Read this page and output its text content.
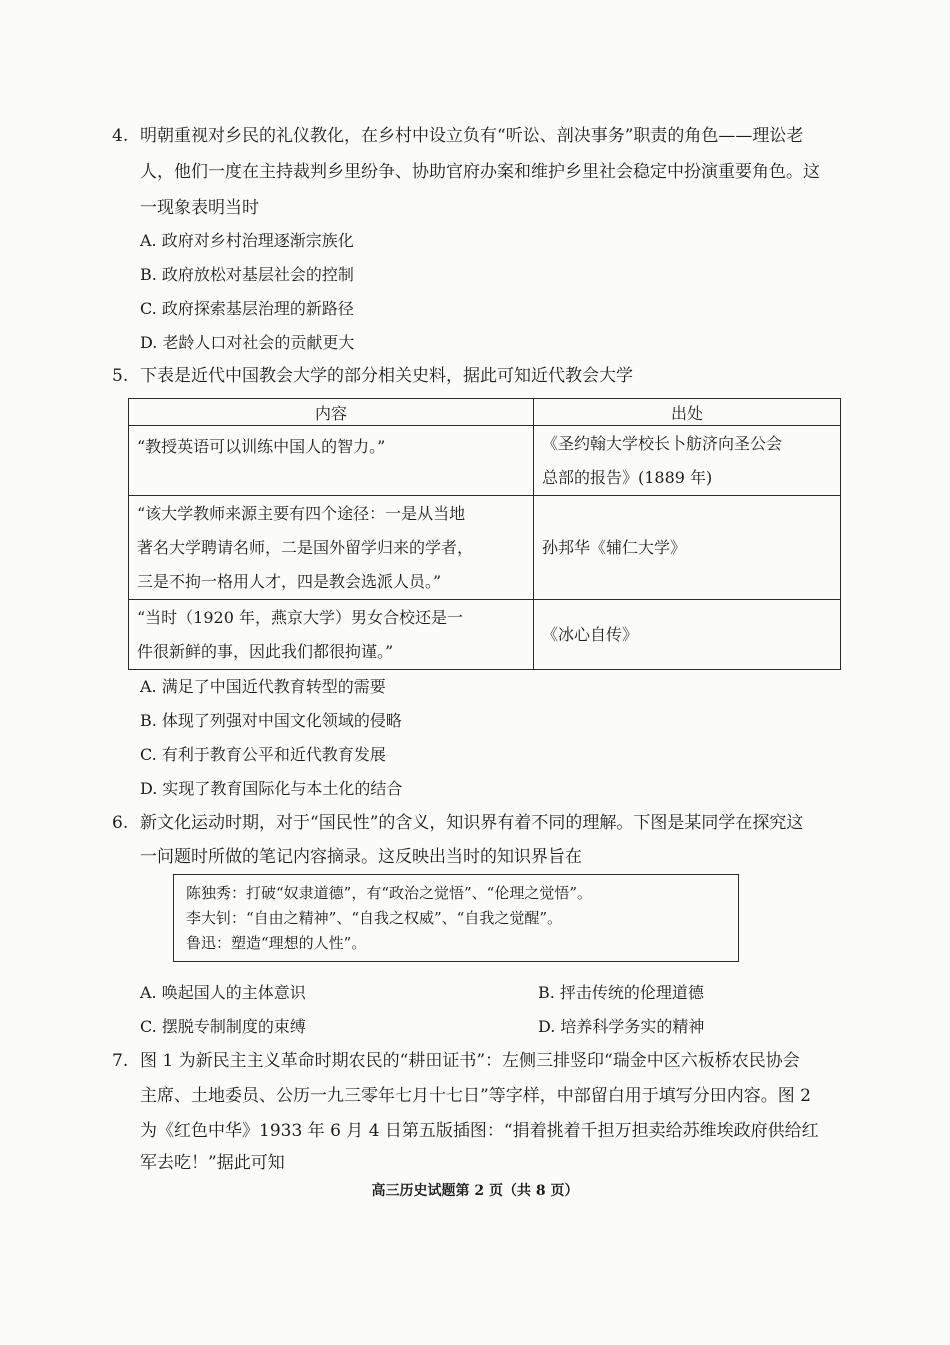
4. 明朝重视对乡民的礼仪教化，在乡村中设立负有“听讼、剖决事务”职责的角色——理讼老
人，他们一度在主持裁判乡里纷争、协助官府办案和维护乡里社会稳定中扮演重要角色。这
一现象表明当时
A. 政府对乡村治理逐渐宗族化
B. 政府放松对基层社会的控制
C. 政府探索基层治理的新路径
D. 老龄人口对社会的贡献更大
5. 下表是近代中国教会大学的部分相关史料，据此可知近代教会大学
内容	出处

“教授英语可以训练中国人的智力。”	《圣约翰大学校长卜舫济向圣公会
总部的报告》(1889 年)

“该大学教师来源主要有四个途径：一是从当地
著名大学聘请名师，二是国外留学归来的学者，
三是不拘一格用人才，四是教会选派人员。”	孙邦华《辅仁大学》

“当时（1920 年，燕京大学）男女合校还是一
件很新鲜的事，因此我们都很拘谨。”	《冰心自传》
A. 满足了中国近代教育转型的需要
B. 体现了列强对中国文化领域的侵略
C. 有利于教育公平和近代教育发展
D. 实现了教育国际化与本土化的结合
6. 新文化运动时期，对于“国民性”的含义，知识界有着不同的理解。下图是某同学在探究这
一问题时所做的笔记内容摘录。这反映出当时的知识界旨在
陈独秀：打破“奴隶道德”，有“政治之觉悟”、“伦理之觉悟”。
李大钊：“自由之精神”、“自我之权威”、“自我之觉醒”。
鲁迅：塑造“理想的人性”。
A. 唤起国人的主体意识	B. 抨击传统的伦理道德
C. 摆脱专制制度的束缚	D. 培养科学务实的精神
7. 图 1 为新民主主义革命时期农民的“耕田证书”：左侧三排竖印“瑞金中区六板桥农民协会
主席、土地委员、公历一九三零年七月十七日”等字样，中部留白用于填写分田内容。图 2
为《红色中华》1933 年 6 月 4 日第五版插图：“捐着挑着千担万担卖给苏维埃政府供给红
军去吃！”据此可知
高三历史试题第 2 页（共 8 页）
